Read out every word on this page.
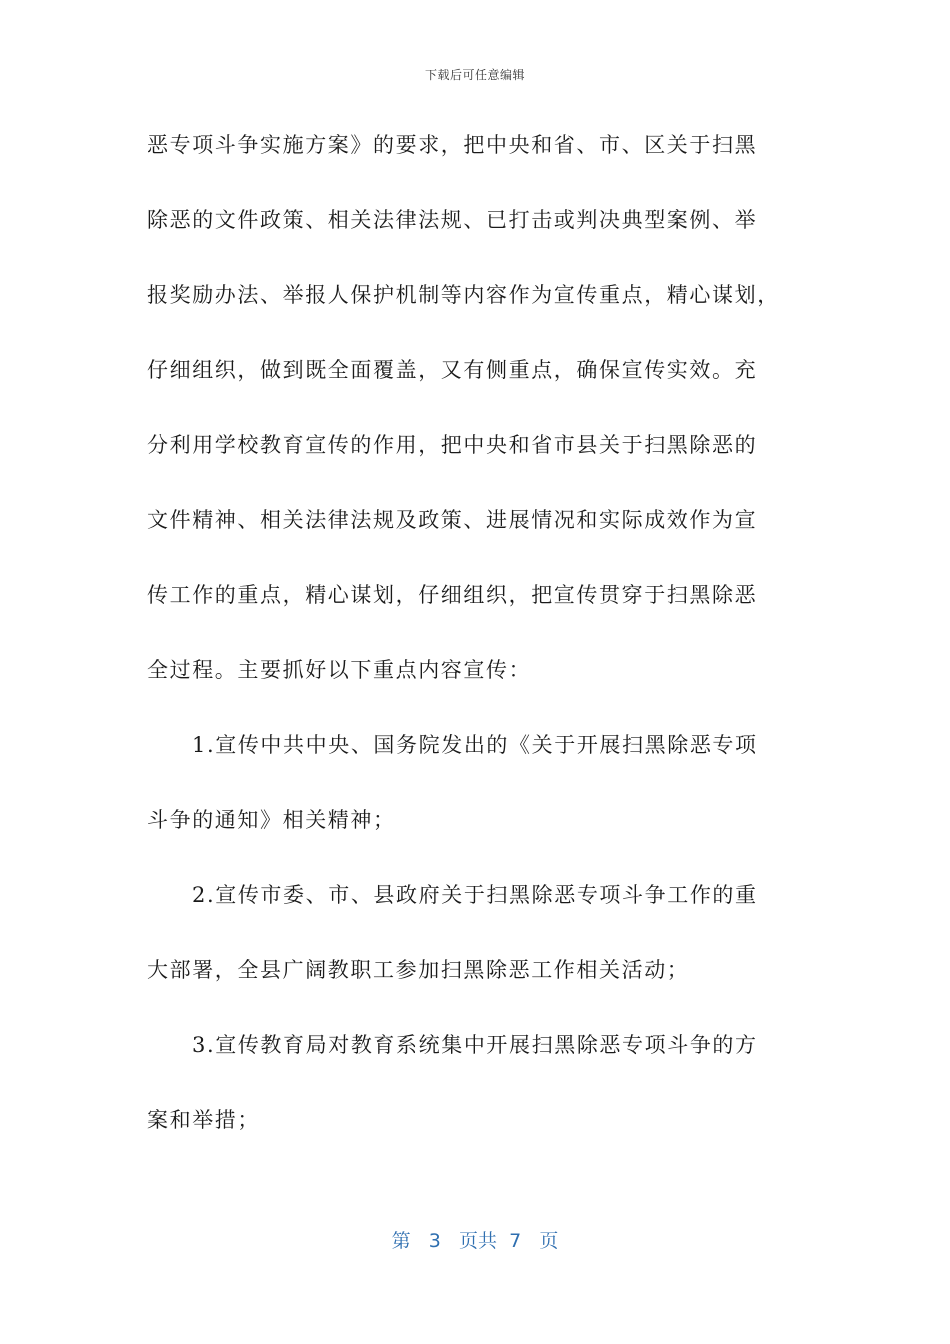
下载后可任意编辑
恶专项斗争实施方案》的要求，把中央和省、市、区关于扫黑
除恶的文件政策、相关法律法规、已打击或判决典型案例、举
报奖励办法、举报人保护机制等内容作为宣传重点，精心谋划，
仔细组织，做到既全面覆盖，又有侧重点，确保宣传实效。充
分利用学校教育宣传的作用，把中央和省市县关于扫黑除恶的
文件精神、相关法律法规及政策、进展情况和实际成效作为宣
传工作的重点，精心谋划，仔细组织，把宣传贯穿于扫黑除恶
全过程。主要抓好以下重点内容宣传：
1.宣传中共中央、国务院发出的《关于开展扫黑除恶专项
斗争的通知》相关精神；
2.宣传市委、市、县政府关于扫黑除恶专项斗争工作的重
大部署，全县广阔教职工参加扫黑除恶工作相关活动；
3.宣传教育局对教育系统集中开展扫黑除恶专项斗争的方
案和举措；
第 3 页共 7 页
